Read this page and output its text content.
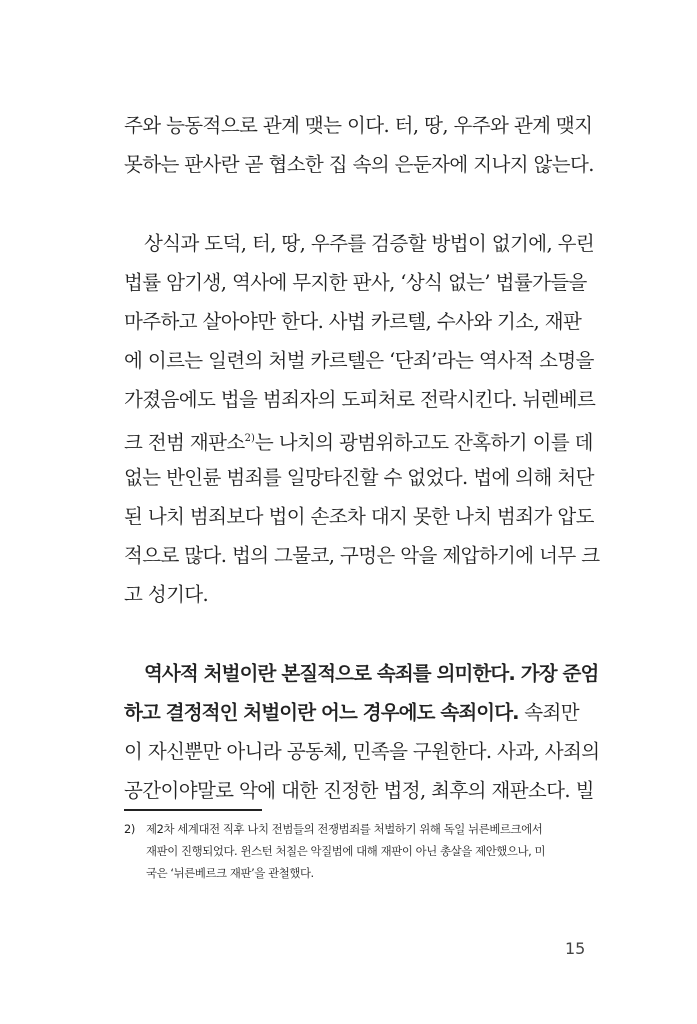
주와 능동적으로 관계 맺는 이다. 터, 땅, 우주와 관계 맺지
못하는 판사란 곧 협소한 집 속의 은둔자에 지나지 않는다.
상식과 도덕, 터, 땅, 우주를 검증할 방법이 없기에, 우린
법률 암기생, 역사에 무지한 판사, ‘상식 없는’ 법률가들을
마주하고 살아야만 한다. 사법 카르텔, 수사와 기소, 재판
에 이르는 일련의 처벌 카르텔은 ‘단죄’라는 역사적 소명을
가졌음에도 법을 범죄자의 도피처로 전락시킨다. 뉘렌베르
크 전범 재판소$^{2)}$는 나치의 광범위하고도 잔혹하기 이를 데
없는 반인륜 범죄를 일망타진할 수 없었다. 법에 의해 처단
된 나치 범죄보다 법이 손조차 대지 못한 나치 범죄가 압도
적으로 많다. 법의 그물코, 구멍은 악을 제압하기에 너무 크
고 성기다.
역사적 처벌이란 본질적으로 속죄를 의미한다. 가장 준엄
하고 결정적인 처벌이란 어느 경우에도 속죄이다. 속죄만
이 자신뿐만 아니라 공동체, 민족을 구원한다. 사과, 사죄의
공간이야말로 악에 대한 진정한 법정, 최후의 재판소다. 빌
2) 제2차 세계대전 직후 나치 전범들의 전쟁범죄를 처벌하기 위해 독일 뉘른베르크에서
재판이 진행되었다. 윈스턴 처칠은 악질범에 대해 재판이 아닌 총살을 제안했으나, 미
국은 ‘뉘른베르크 재판’을 관철했다.
15
